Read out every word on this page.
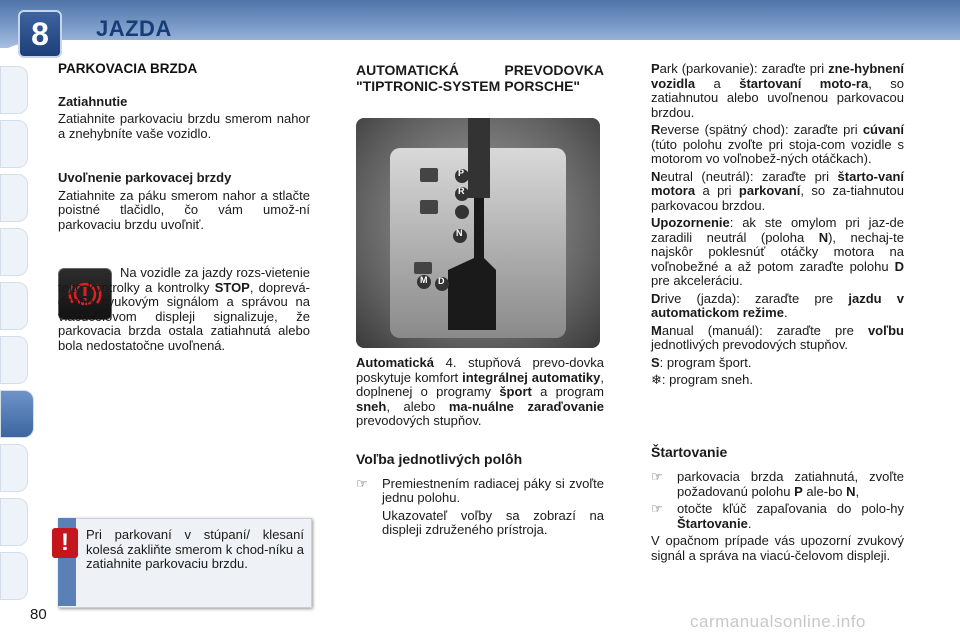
8	JAZDA

PARKOVACIA BRZDA

Zatiahnutie

Zatiahnite parkovaciu brzdu smerom nahor a znehybníte vaše vozidlo.

Uvoľnenie parkovacej brzdy

Zatiahnite za páku smerom nahor a stlačte poistné tlačidlo, čo vám umož-ní parkovaciu brzdu uvoľniť.

Na vozidle za jazdy rozs-vietenie tejto kontrolky a kontrolky STOP, doprevá-dzané zvukovým signálom a správou na viacúčelovom displeji signalizuje, že parkovacia brzda ostala zatiahnutá alebo bola nedostatočne uvoľnená.

!	Pri parkovaní v stúpaní/ klesaní kolesá zakliňte smerom k chod-níku a zatiahnite parkovaciu brzdu.

AUTOMATICKÁ PREVODOVKA "TIPTRONIC-SYSTEM PORSCHE"

P
R
N
D
M

Automatická 4. stupňová prevo-dovka poskytuje komfort integrálnej automatiky, doplnenej o programy šport a program sneh, alebo ma-nuálne zaraďovanie prevodových stupňov.

Voľba jednotlivých polôh

☞ Premiestnením radiacej páky si zvoľte jednu polohu.

Ukazovateľ voľby sa zobrazí na displeji združeného prístroja.

Park (parkovanie): zaraďte pri zne-hybnení vozidla a štartovaní moto-ra, so zatiahnutou alebo uvoľnenou parkovacou brzdou.

Reverse (spätný chod): zaraďte pri cúvaní (túto polohu zvoľte pri stoja-com vozidle s motorom vo voľnobež-ných otáčkach).

Neutral (neutrál): zaraďte pri štarto-vaní motora a pri parkovaní, so za-tiahnutou parkovacou brzdou.

Upozornenie: ak ste omylom pri jaz-de zaradili neutrál (poloha N), nechaj-te najskôr poklesnúť otáčky motora na voľnobežné a až potom zaraďte polohu D pre akceleráciu.

Drive (jazda): zaraďte pre jazdu v automatickom režime.

Manual (manuál): zaraďte pre voľbu jednotlivých prevodových stupňov.

S: program šport.

❄: program sneh.

Štartovanie

☞ parkovacia brzda zatiahnutá, zvoľte požadovanú polohu P ale-bo N,

☞ otočte kľúč zapaľovania do polo-hy Štartovanie.

V opačnom prípade vás upozorní zvukový signál a správa na viacú-čelovom displeji.

80	carmanualsonline.info
